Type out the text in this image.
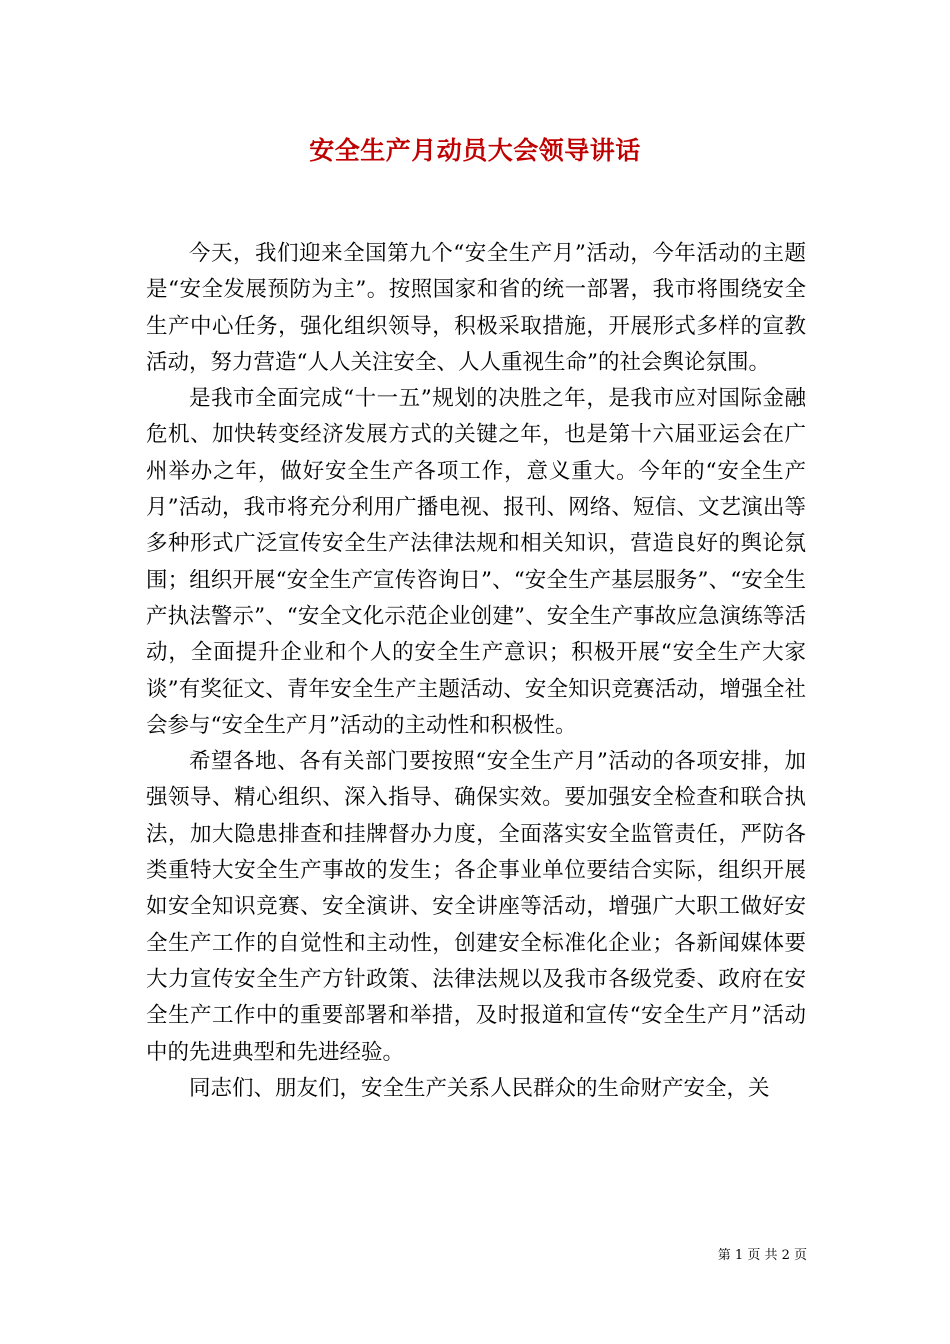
安全生产月动员大会领导讲话

今天，我们迎来全国第九个“安全生产月”活动，今年活动的主题是“安全发展预防为主”。按照国家和省的统一部署，我市将围绕安全生产中心任务，强化组织领导，积极采取措施，开展形式多样的宣教活动，努力营造“人人关注安全、人人重视生命”的社会舆论氛围。

是我市全面完成“十一五”规划的决胜之年，是我市应对国际金融危机、加快转变经济发展方式的关键之年，也是第十六届亚运会在广州举办之年，做好安全生产各项工作，意义重大。今年的“安全生产月”活动，我市将充分利用广播电视、报刊、网络、短信、文艺演出等多种形式广泛宣传安全生产法律法规和相关知识，营造良好的舆论氛围；组织开展“安全生产宣传咨询日”、“安全生产基层服务”、“安全生产执法警示”、“安全文化示范企业创建”、安全生产事故应急演练等活动，全面提升企业和个人的安全生产意识；积极开展“安全生产大家谈”有奖征文、青年安全生产主题活动、安全知识竞赛活动，增强全社会参与“安全生产月”活动的主动性和积极性。

希望各地、各有关部门要按照“安全生产月”活动的各项安排，加强领导、精心组织、深入指导、确保实效。要加强安全检查和联合执法，加大隐患排查和挂牌督办力度，全面落实安全监管责任，严防各类重特大安全生产事故的发生；各企事业单位要结合实际，组织开展如安全知识竞赛、安全演讲、安全讲座等活动，增强广大职工做好安全生产工作的自觉性和主动性，创建安全标准化企业；各新闻媒体要大力宣传安全生产方针政策、法律法规以及我市各级党委、政府在安全生产工作中的重要部署和举措，及时报道和宣传“安全生产月”活动中的先进典型和先进经验。

同志们、朋友们，安全生产关系人民群众的生命财产安全，关

第 1 页 共 2 页
